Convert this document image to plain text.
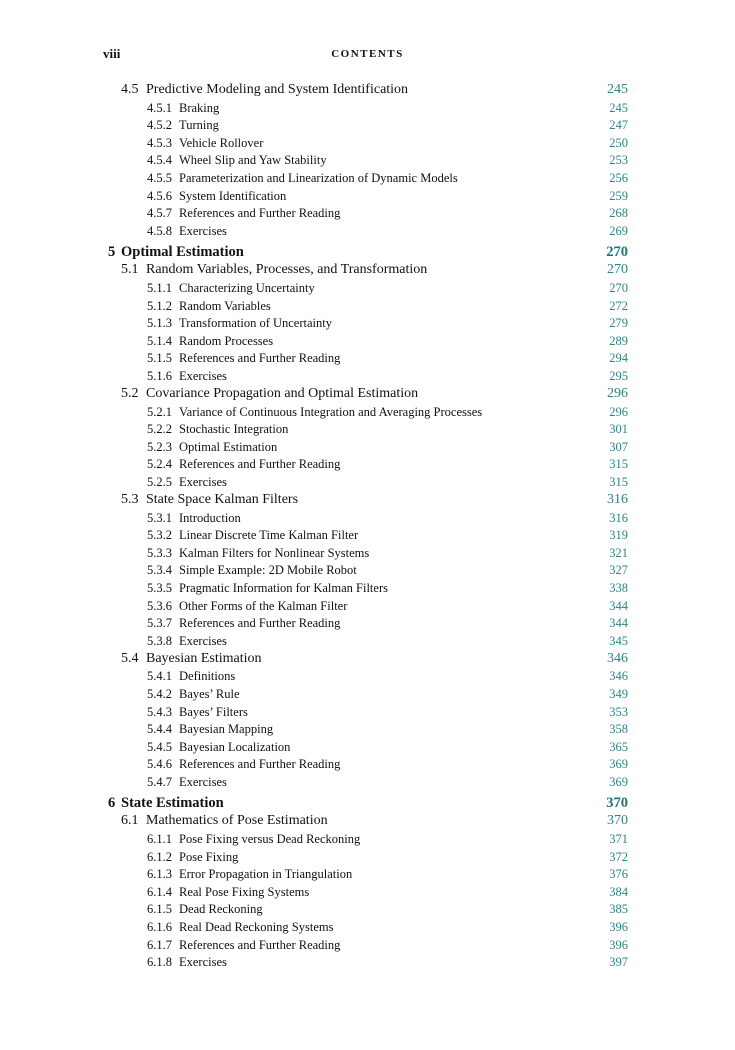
viii	CONTENTS
4.5 Predictive Modeling and System Identification	245
4.5.1 Braking	245
4.5.2 Turning	247
4.5.3 Vehicle Rollover	250
4.5.4 Wheel Slip and Yaw Stability	253
4.5.5 Parameterization and Linearization of Dynamic Models	256
4.5.6 System Identification	259
4.5.7 References and Further Reading	268
4.5.8 Exercises	269
5 Optimal Estimation	270
5.1 Random Variables, Processes, and Transformation	270
5.1.1 Characterizing Uncertainty	270
5.1.2 Random Variables	272
5.1.3 Transformation of Uncertainty	279
5.1.4 Random Processes	289
5.1.5 References and Further Reading	294
5.1.6 Exercises	295
5.2 Covariance Propagation and Optimal Estimation	296
5.2.1 Variance of Continuous Integration and Averaging Processes	296
5.2.2 Stochastic Integration	301
5.2.3 Optimal Estimation	307
5.2.4 References and Further Reading	315
5.2.5 Exercises	315
5.3 State Space Kalman Filters	316
5.3.1 Introduction	316
5.3.2 Linear Discrete Time Kalman Filter	319
5.3.3 Kalman Filters for Nonlinear Systems	321
5.3.4 Simple Example: 2D Mobile Robot	327
5.3.5 Pragmatic Information for Kalman Filters	338
5.3.6 Other Forms of the Kalman Filter	344
5.3.7 References and Further Reading	344
5.3.8 Exercises	345
5.4 Bayesian Estimation	346
5.4.1 Definitions	346
5.4.2 Bayes’ Rule	349
5.4.3 Bayes’ Filters	353
5.4.4 Bayesian Mapping	358
5.4.5 Bayesian Localization	365
5.4.6 References and Further Reading	369
5.4.7 Exercises	369
6 State Estimation	370
6.1 Mathematics of Pose Estimation	370
6.1.1 Pose Fixing versus Dead Reckoning	371
6.1.2 Pose Fixing	372
6.1.3 Error Propagation in Triangulation	376
6.1.4 Real Pose Fixing Systems	384
6.1.5 Dead Reckoning	385
6.1.6 Real Dead Reckoning Systems	396
6.1.7 References and Further Reading	396
6.1.8 Exercises	397
